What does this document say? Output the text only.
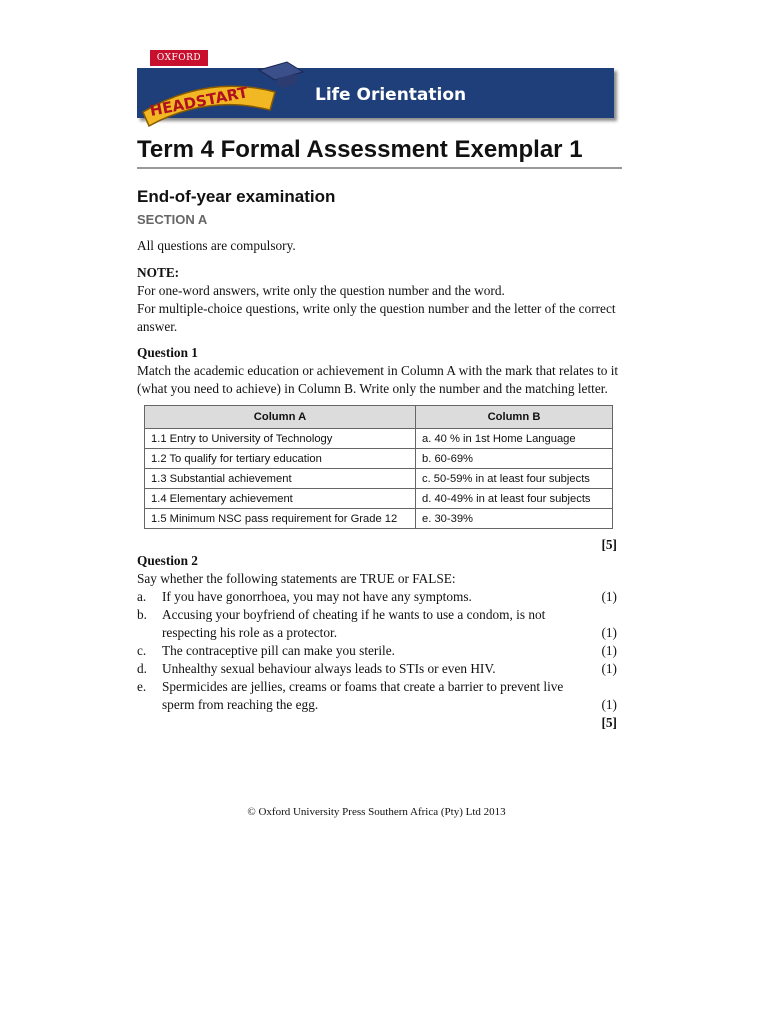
HEADSTART
OXFORD
Life Orientation
Term 4 Formal Assessment Exemplar 1
End-of-year examination
SECTION A
All questions are compulsory.
NOTE:
For one-word answers, write only the question number and the word.
For multiple-choice questions, write only the question number and the letter of the correct answer.
Question 1
Match the academic education or achievement in Column A with the mark that relates to it (what you need to achieve) in Column B. Write only the number and the matching letter.
Column A	Column B
1.1 Entry to University of Technology	a. 40 % in 1st Home Language
1.2 To qualify for tertiary education	b. 60-69%
1.3 Substantial achievement	c. 50-59% in at least four subjects
1.4 Elementary achievement	d. 40-49% in at least four subjects
1.5 Minimum NSC pass requirement for Grade 12	e. 30-39%
[5]
Question 2
Say whether the following statements are TRUE or FALSE:
a. If you have gonorrhoea, you may not have any symptoms.	(1)
b. Accusing your boyfriend of cheating if he wants to use a condom, is not respecting his role as a protector.	(1)
c. The contraceptive pill can make you sterile.	(1)
d. Unhealthy sexual behaviour always leads to STIs or even HIV.	(1)
e. Spermicides are jellies, creams or foams that create a barrier to prevent live sperm from reaching the egg.	(1)
[5]
© Oxford University Press Southern Africa (Pty) Ltd 2013
